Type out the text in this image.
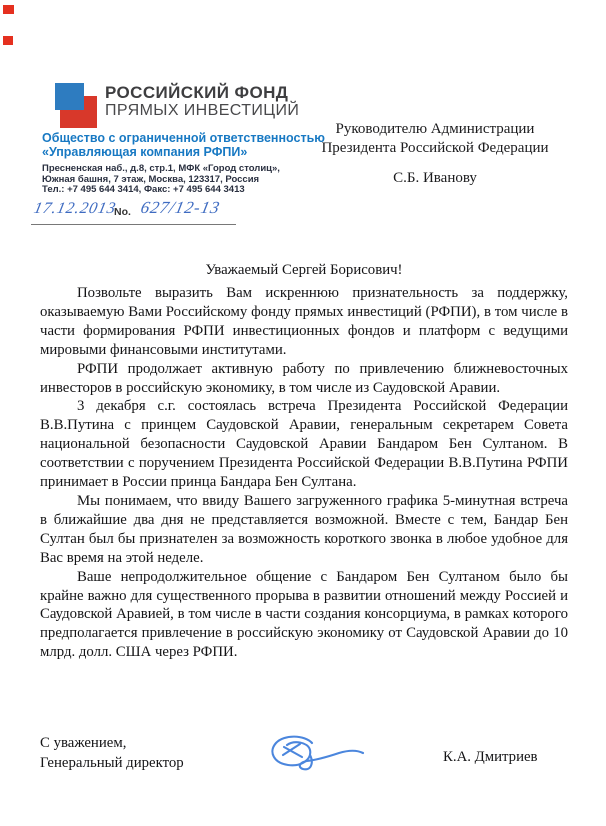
РОССИЙСКИЙ ФОНД
ПРЯМЫХ ИНВЕСТИЦИЙ
Общество с ограниченной ответственностью
«Управляющая компания РФПИ»
Пресненская наб., д.8, стр.1, МФК «Город столиц»,
Южная башня, 7 этаж, Москва, 123317, Россия
Тел.: +7 495 644 3414, Факс: +7 495 644 3413
Руководителю Администрации
Президента Российской Федерации
С.Б. Иванову
17.12.2013
No. 627/12-13
Уважаемый Сергей Борисович!

Позвольте выразить Вам искреннюю признательность за поддержку, оказываемую Вами Российскому фонду прямых инвестиций (РФПИ), в том числе в части формирования РФПИ инвестиционных фондов и платформ с ведущими мировыми финансовыми институтами.

РФПИ продолжает активную работу по привлечению ближневосточных инвесторов в российскую экономику, в том числе из Саудовской Аравии.

3 декабря с.г. состоялась встреча Президента Российской Федерации В.В.Путина с принцем Саудовской Аравии, генеральным секретарем Совета национальной безопасности Саудовской Аравии Бандаром Бен Султаном. В соответствии с поручением Президента Российской Федерации В.В.Путина РФПИ принимает в России принца Бандара Бен Султана.

Мы понимаем, что ввиду Вашего загруженного графика 5-минутная встреча в ближайшие два дня не представляется возможной. Вместе с тем, Бандар Бен Султан был бы признателен за возможность короткого звонка в любое удобное для Вас время на этой неделе.

Ваше непродолжительное общение с Бандаром Бен Султаном было бы крайне важно для существенного прорыва в развитии отношений между Россией и Саудовской Аравией, в том числе в части создания консорциума, в рамках которого предполагается привлечение в российскую экономику от Саудовской Аравии до 10 млрд. долл. США через РФПИ.

С уважением,
Генеральный директор	К.А. Дмитриев
